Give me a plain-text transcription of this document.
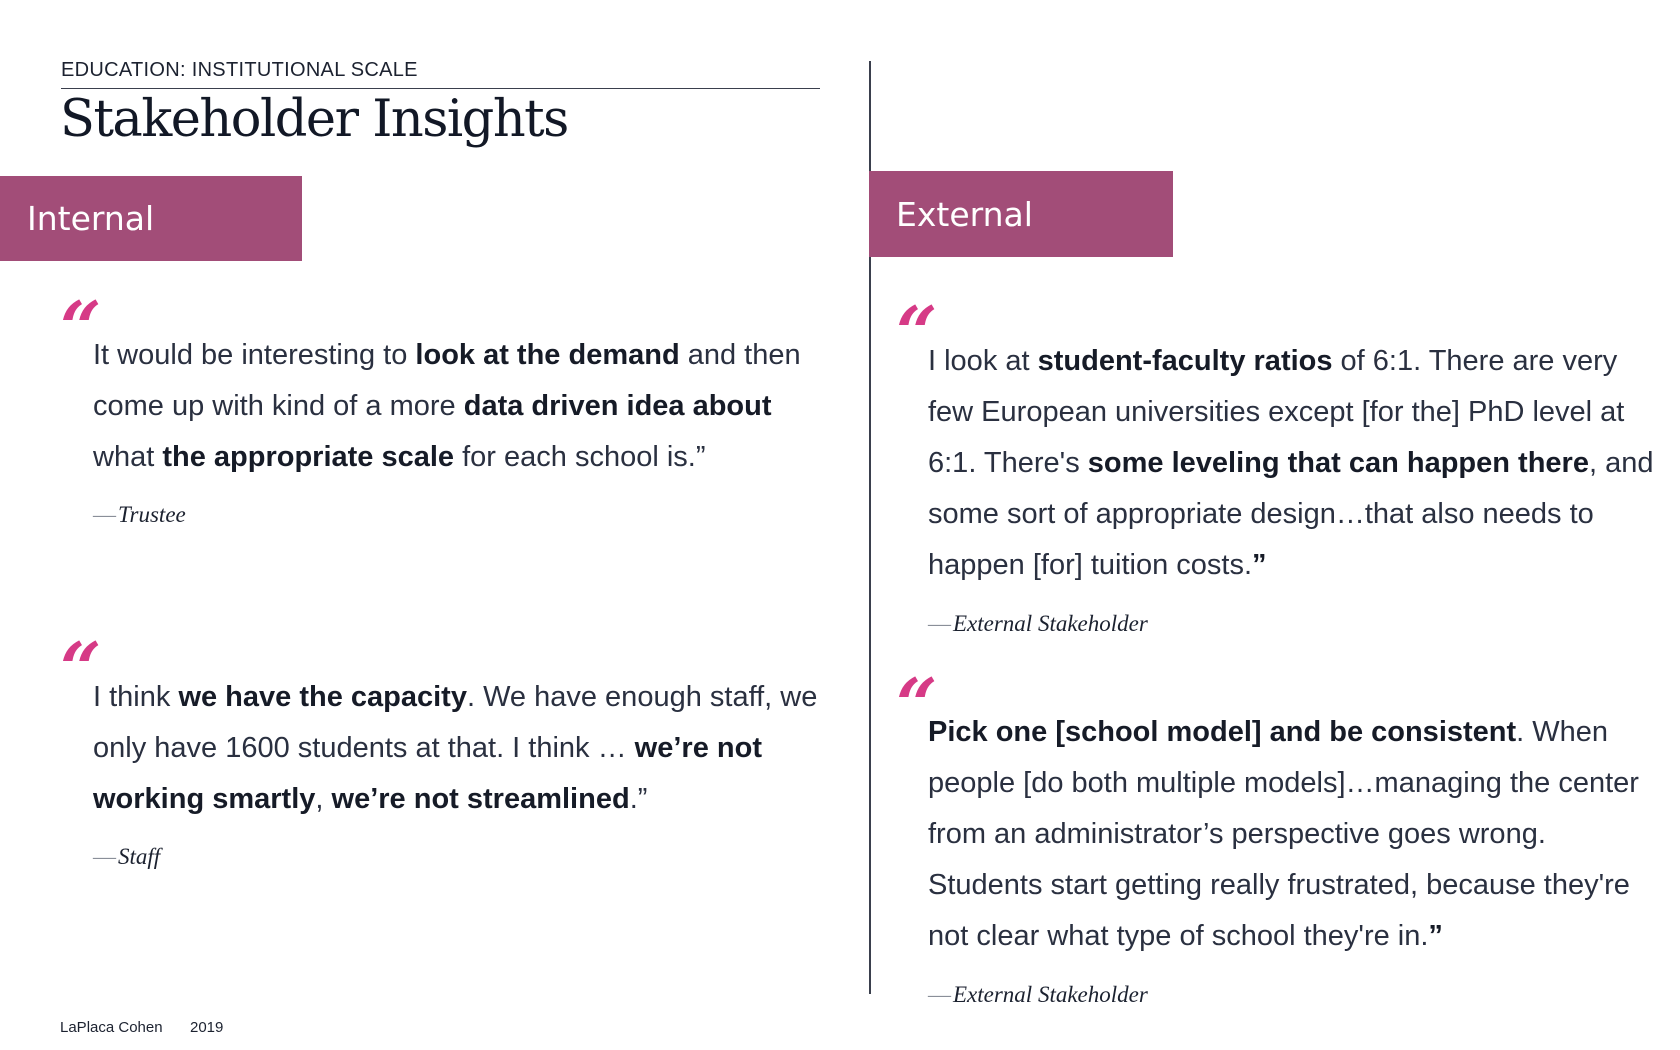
EDUCATION: INSTITUTIONAL SCALE
Stakeholder Insights
Internal	External
“
It would be interesting to look at the demand and then come up with kind of a more data driven idea about what the appropriate scale for each school is.”
—Trustee
“
I think we have the capacity. We have enough staff, we only have 1600 students at that. I think … we’re not working smartly, we’re not streamlined.”
—Staff
“
I look at student-faculty ratios of 6:1. There are very few European universities except [for the] PhD level at 6:1. There's some leveling that can happen there, and some sort of appropriate design…that also needs to happen [for] tuition costs.”
—External Stakeholder
“
Pick one [school model] and be consistent. When people [do both multiple models]…managing the center from an administrator’s perspective goes wrong. Students start getting really frustrated, because they're not clear what type of school they're in.”
—External Stakeholder
LaPlaca Cohen 2019
